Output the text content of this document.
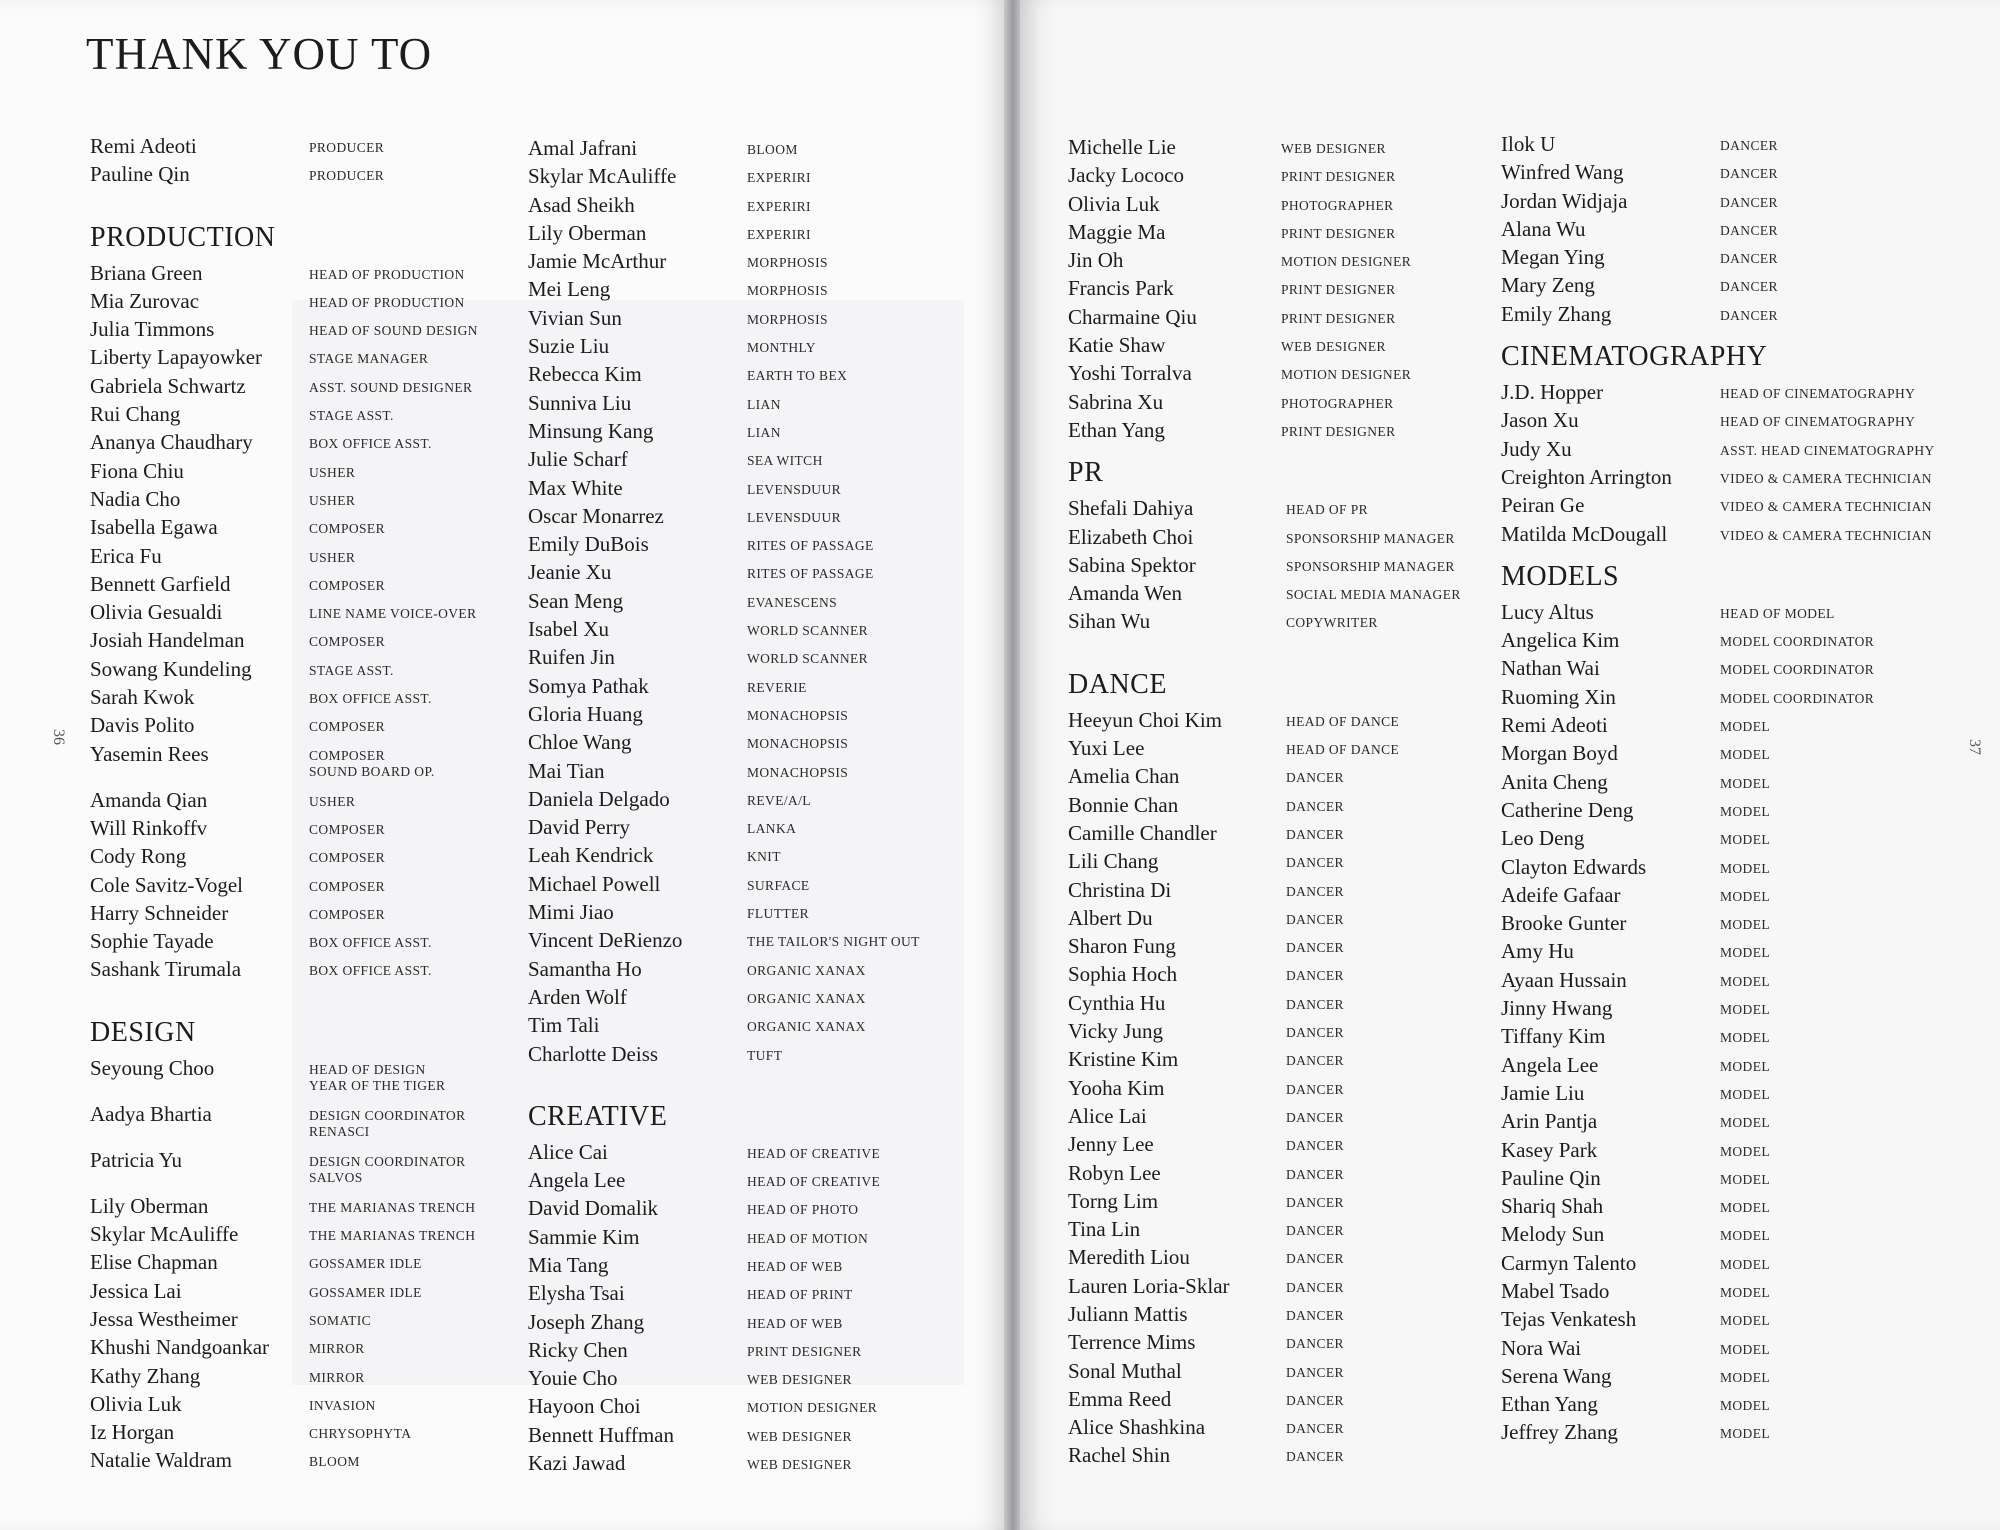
THANK YOU TO
36
Remi Adeoti	PRODUCER
Pauline Qin	PRODUCER
PRODUCTION
Briana Green	HEAD OF PRODUCTION
Mia Zurovac	HEAD OF PRODUCTION
Julia Timmons	HEAD OF SOUND DESIGN
Liberty Lapayowker	STAGE MANAGER
Gabriela Schwartz	ASST. SOUND DESIGNER
Rui Chang	STAGE ASST.
Ananya Chaudhary	BOX OFFICE ASST.
Fiona Chiu	USHER
Nadia Cho	USHER
Isabella Egawa	COMPOSER
Erica Fu	USHER
Bennett Garfield	COMPOSER
Olivia Gesualdi	LINE NAME VOICE-OVER
Josiah Handelman	COMPOSER
Sowang Kundeling	STAGE ASST.
Sarah Kwok	BOX OFFICE ASST.
Davis Polito	COMPOSER
Yasemin Rees	COMPOSER
SOUND BOARD OP.
Amanda Qian	USHER
Will Rinkoffv	COMPOSER
Cody Rong	COMPOSER
Cole Savitz-Vogel	COMPOSER
Harry Schneider	COMPOSER
Sophie Tayade	BOX OFFICE ASST.
Sashank Tirumala	BOX OFFICE ASST.
DESIGN
Seyoung Choo	HEAD OF DESIGN
YEAR OF THE TIGER
Aadya Bhartia	DESIGN COORDINATOR
RENASCI
Patricia Yu	DESIGN COORDINATOR
SALVOS
Lily Oberman	THE MARIANAS TRENCH
Skylar McAuliffe	THE MARIANAS TRENCH
Elise Chapman	GOSSAMER IDLE
Jessica Lai	GOSSAMER IDLE
Jessa Westheimer	SOMATIC
Khushi Nandgoankar	MIRROR
Kathy Zhang	MIRROR
Olivia Luk	INVASION
Iz Horgan	CHRYSOPHYTA
Natalie Waldram	BLOOM
Amal Jafrani	BLOOM
Skylar McAuliffe	EXPERIRI
Asad Sheikh	EXPERIRI
Lily Oberman	EXPERIRI
Jamie McArthur	MORPHOSIS
Mei Leng	MORPHOSIS
Vivian Sun	MORPHOSIS
Suzie Liu	MONTHLY
Rebecca Kim	EARTH TO BEX
Sunniva Liu	LIAN
Minsung Kang	LIAN
Julie Scharf	SEA WITCH
Max White	LEVENSDUUR
Oscar Monarrez	LEVENSDUUR
Emily DuBois	RITES OF PASSAGE
Jeanie Xu	RITES OF PASSAGE
Sean Meng	EVANESCENS
Isabel Xu	WORLD SCANNER
Ruifen Jin	WORLD SCANNER
Somya Pathak	REVERIE
Gloria Huang	MONACHOPSIS
Chloe Wang	MONACHOPSIS
Mai Tian	MONACHOPSIS
Daniela Delgado	REVE/A/L
David Perry	LANKA
Leah Kendrick	KNIT
Michael Powell	SURFACE
Mimi Jiao	FLUTTER
Vincent DeRienzo	THE TAILOR'S NIGHT OUT
Samantha Ho	ORGANIC XANAX
Arden Wolf	ORGANIC XANAX
Tim Tali	ORGANIC XANAX
Charlotte Deiss	TUFT
CREATIVE
Alice Cai	HEAD OF CREATIVE
Angela Lee	HEAD OF CREATIVE
David Domalik	HEAD OF PHOTO
Sammie Kim	HEAD OF MOTION
Mia Tang	HEAD OF WEB
Elysha Tsai	HEAD OF PRINT
Joseph Zhang	HEAD OF WEB
Ricky Chen	PRINT DESIGNER
Youie Cho	WEB DESIGNER
Hayoon Choi	MOTION DESIGNER
Bennett Huffman	WEB DESIGNER
Kazi Jawad	WEB DESIGNER
37
Michelle Lie	WEB DESIGNER
Jacky Lococo	PRINT DESIGNER
Olivia Luk	PHOTOGRAPHER
Maggie Ma	PRINT DESIGNER
Jin Oh	MOTION DESIGNER
Francis Park	PRINT DESIGNER
Charmaine Qiu	PRINT DESIGNER
Katie Shaw	WEB DESIGNER
Yoshi Torralva	MOTION DESIGNER
Sabrina Xu	PHOTOGRAPHER
Ethan Yang	PRINT DESIGNER
PR
Shefali Dahiya	HEAD OF PR
Elizabeth Choi	SPONSORSHIP MANAGER
Sabina Spektor	SPONSORSHIP MANAGER
Amanda Wen	SOCIAL MEDIA MANAGER
Sihan Wu	COPYWRITER
DANCE
Heeyun Choi Kim	HEAD OF DANCE
Yuxi Lee	HEAD OF DANCE
Amelia Chan	DANCER
Bonnie Chan	DANCER
Camille Chandler	DANCER
Lili Chang	DANCER
Christina Di	DANCER
Albert Du	DANCER
Sharon Fung	DANCER
Sophia Hoch	DANCER
Cynthia Hu	DANCER
Vicky Jung	DANCER
Kristine Kim	DANCER
Yooha Kim	DANCER
Alice Lai	DANCER
Jenny Lee	DANCER
Robyn Lee	DANCER
Torng Lim	DANCER
Tina Lin	DANCER
Meredith Liou	DANCER
Lauren Loria-Sklar	DANCER
Juliann Mattis	DANCER
Terrence Mims	DANCER
Sonal Muthal	DANCER
Emma Reed	DANCER
Alice Shashkina	DANCER
Rachel Shin	DANCER
Ilok U	DANCER
Winfred Wang	DANCER
Jordan Widjaja	DANCER
Alana Wu	DANCER
Megan Ying	DANCER
Mary Zeng	DANCER
Emily Zhang	DANCER
CINEMATOGRAPHY
J.D. Hopper	HEAD OF CINEMATOGRAPHY
Jason Xu	HEAD OF CINEMATOGRAPHY
Judy Xu	ASST. HEAD CINEMATOGRAPHY
Creighton Arrington	VIDEO & CAMERA TECHNICIAN
Peiran Ge	VIDEO & CAMERA TECHNICIAN
Matilda McDougall	VIDEO & CAMERA TECHNICIAN
MODELS
Lucy Altus	HEAD OF MODEL
Angelica Kim	MODEL COORDINATOR
Nathan Wai	MODEL COORDINATOR
Ruoming Xin	MODEL COORDINATOR
Remi Adeoti	MODEL
Morgan Boyd	MODEL
Anita Cheng	MODEL
Catherine Deng	MODEL
Leo Deng	MODEL
Clayton Edwards	MODEL
Adeife Gafaar	MODEL
Brooke Gunter	MODEL
Amy Hu	MODEL
Ayaan Hussain	MODEL
Jinny Hwang	MODEL
Tiffany Kim	MODEL
Angela Lee	MODEL
Jamie Liu	MODEL
Arin Pantja	MODEL
Kasey Park	MODEL
Pauline Qin	MODEL
Shariq Shah	MODEL
Melody Sun	MODEL
Carmyn Talento	MODEL
Mabel Tsado	MODEL
Tejas Venkatesh	MODEL
Nora Wai	MODEL
Serena Wang	MODEL
Ethan Yang	MODEL
Jeffrey Zhang	MODEL
